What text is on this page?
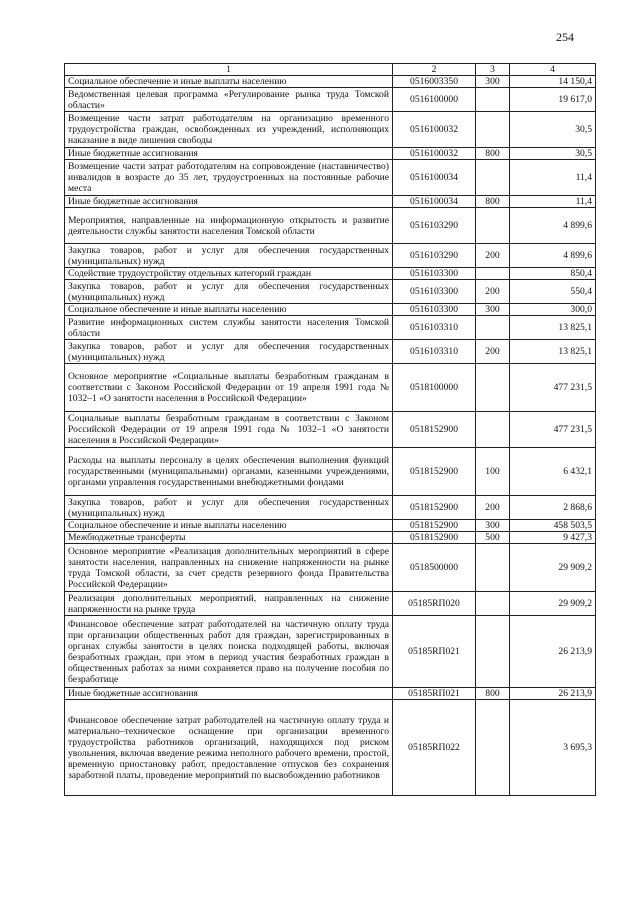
254
1	2	3	4
Социальное обеспечение и иные выплаты населению	0516003350	300	14 150,4
Ведомственная целевая программа «Регулирование рынка труда Томской области»	0516100000		19 617,0
Возмещение части затрат работодателям на организацию временного трудоустройства граждан, освобожденных из учреждений, исполняющих наказание в виде лишения свободы	0516100032		30,5
Иные бюджетные ассигнования	0516100032	800	30,5
Возмещение части затрат работодателям на сопровождение (наставничество) инвалидов в возрасте до 35 лет, трудоустроенных на постоянные рабочие места	0516100034		11,4
Иные бюджетные ассигнования	0516100034	800	11,4
Мероприятия, направленные на информационную открытость и развитие деятельности службы занятости населения Томской области	0516103290		4 899,6
Закупка товаров, работ и услуг для обеспечения государственных (муниципальных) нужд	0516103290	200	4 899,6
Содействие трудоустройству отдельных категорий граждан	0516103300		850,4
Закупка товаров, работ и услуг для обеспечения государственных (муниципальных) нужд	0516103300	200	550,4
Социальное обеспечение и иные выплаты населению	0516103300	300	300,0
Развитие информационных систем службы занятости населения Томской области	0516103310		13 825,1
Закупка товаров, работ и услуг для обеспечения государственных (муниципальных) нужд	0516103310	200	13 825,1
Основное мероприятие «Социальные выплаты безработным гражданам в соответствии с Законом Российской Федерации от 19 апреля 1991 года № 1032–1 «О занятости населения в Российской Федерации»	0518100000		477 231,5
Социальные выплаты безработным гражданам в соответствии с Законом Российской Федерации от 19 апреля 1991 года № 1032–1 «О занятости населения в Российской Федерации»	0518152900		477 231,5
Расходы на выплаты персоналу в целях обеспечения выполнения функций государственными (муниципальными) органами, казенными учреждениями, органами управления государственными внебюджетными фондами	0518152900	100	6 432,1
Закупка товаров, работ и услуг для обеспечения государственных (муниципальных) нужд	0518152900	200	2 868,6
Социальное обеспечение и иные выплаты населению	0518152900	300	458 503,5
Межбюджетные трансферты	0518152900	500	9 427,3
Основное мероприятие «Реализация дополнительных мероприятий в сфере занятости населения, направленных на снижение напряженности на рынке труда Томской области, за счет средств резервного фонда Правительства Российской Федерации»	0518500000		29 909,2
Реализация дополнительных мероприятий, направленных на снижение напряженности на рынке труда	05185RП020		29 909,2
Финансовое обеспечение затрат работодателей на частичную оплату труда при организации общественных работ для граждан, зарегистрированных в органах службы занятости в целях поиска подходящей работы, включая безработных граждан, при этом в период участия безработных граждан в общественных работах за ними сохраняется право на получение пособия по безработице	05185RП021		26 213,9
Иные бюджетные ассигнования	05185RП021	800	26 213,9
Финансовое обеспечение затрат работодателей на частичную оплату труда и материально–техническое оснащение при организации временного трудоустройства работников организаций, находящихся под риском увольнения, включая введение режима неполного рабочего времени, простой, временную приостановку работ, предоставление отпусков без сохранения заработной платы, проведение мероприятий по высвобождению работников	05185RП022		3 695,3
